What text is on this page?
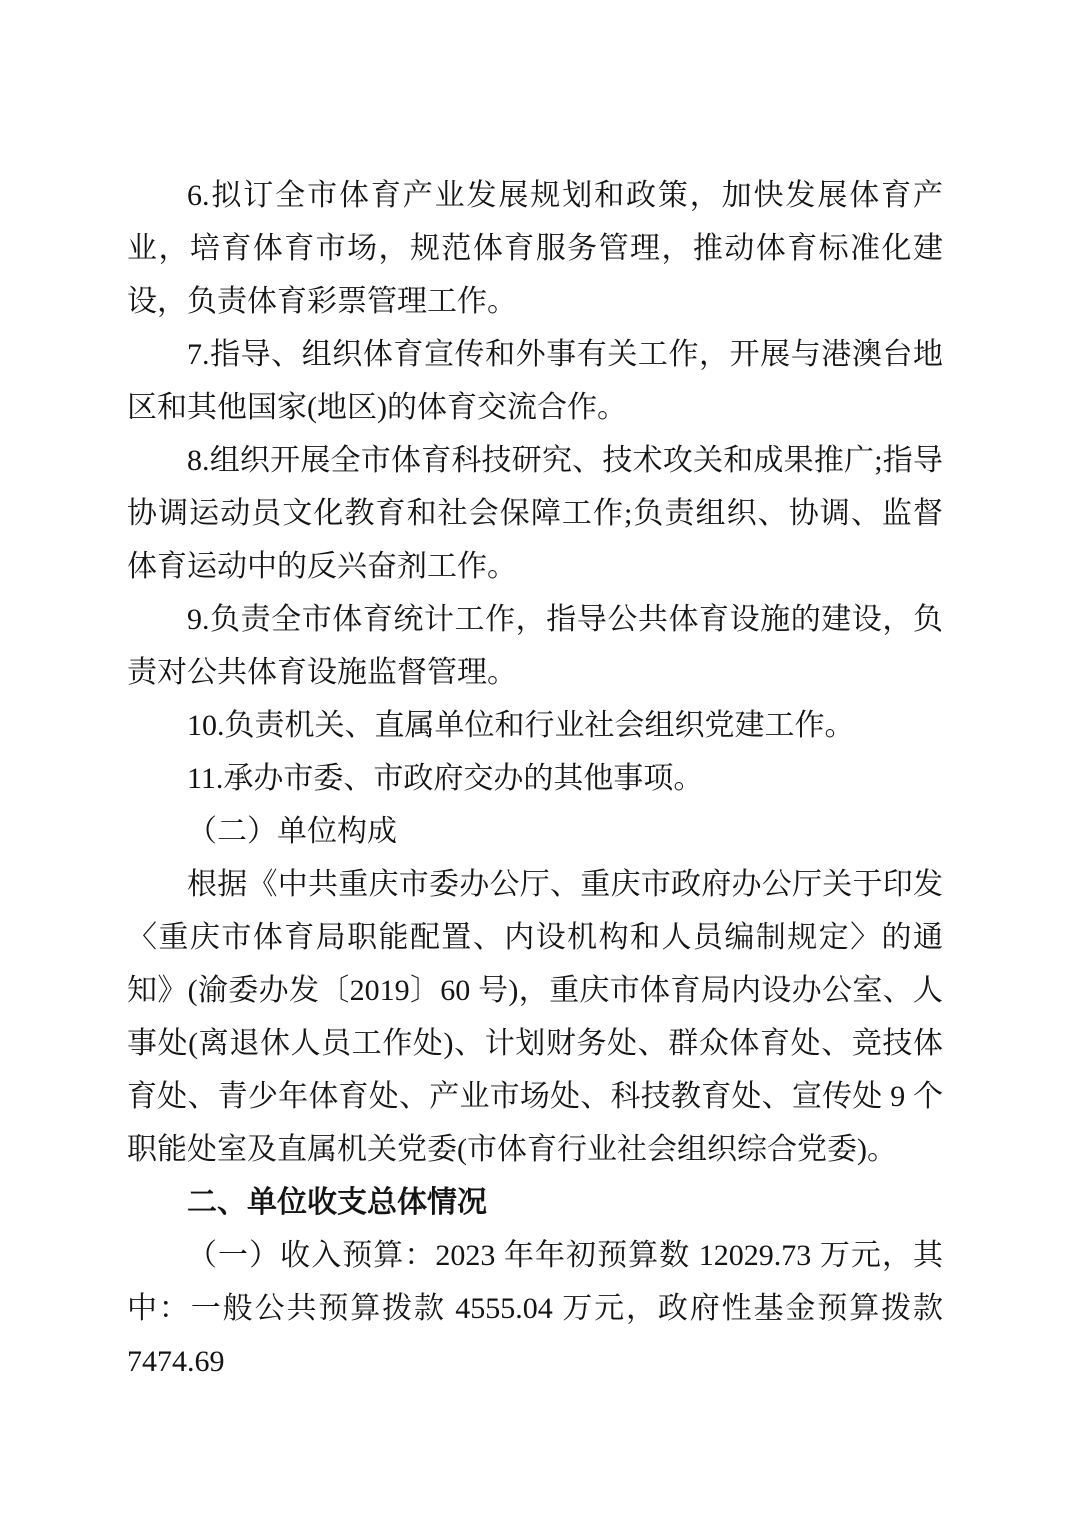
6.拟订全市体育产业发展规划和政策，加快发展体育产业，培育体育市场，规范体育服务管理，推动体育标准化建设，负责体育彩票管理工作。

7.指导、组织体育宣传和外事有关工作，开展与港澳台地区和其他国家(地区)的体育交流合作。

8.组织开展全市体育科技研究、技术攻关和成果推广;指导协调运动员文化教育和社会保障工作;负责组织、协调、监督体育运动中的反兴奋剂工作。

9.负责全市体育统计工作，指导公共体育设施的建设，负责对公共体育设施监督管理。

10.负责机关、直属单位和行业社会组织党建工作。

11.承办市委、市政府交办的其他事项。

（二）单位构成

根据《中共重庆市委办公厅、重庆市政府办公厅关于印发〈重庆市体育局职能配置、内设机构和人员编制规定〉的通知》(渝委办发〔2019〕60 号)，重庆市体育局内设办公室、人事处(离退休人员工作处)、计划财务处、群众体育处、竞技体育处、青少年体育处、产业市场处、科技教育处、宣传处 9 个职能处室及直属机关党委(市体育行业社会组织综合党委)。

二、单位收支总体情况

（一）收入预算：2023 年年初预算数 12029.73 万元，其中：一般公共预算拨款 4555.04 万元，政府性基金预算拨款 7474.69
